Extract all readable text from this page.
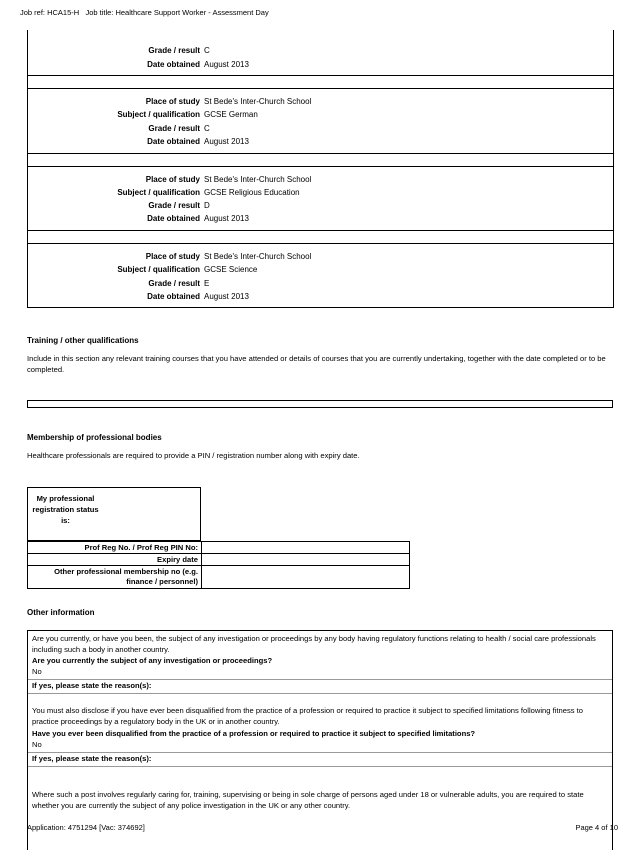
Job ref: HCA15-H Job title: Healthcare Support Worker - Assessment Day
Grade / result C
Date obtained August 2013
Place of study St Bede's Inter-Church School
Subject / qualification GCSE German
Grade / result C
Date obtained August 2013
Place of study St Bede's Inter-Church School
Subject / qualification GCSE Religious Education
Grade / result D
Date obtained August 2013
Place of study St Bede's Inter-Church School
Subject / qualification GCSE Science
Grade / result E
Date obtained August 2013
Training / other qualifications
Include in this section any relevant training courses that you have attended or details of courses that you are currently undertaking, together with the date completed or to be completed.
Membership of professional bodies
Healthcare professionals are required to provide a PIN / registration number along with expiry date.
My professional registration status is:
Prof Reg No. / Prof Reg PIN No:
Expiry date
Other professional membership no (e.g. finance / personnel)
Other information
Are you currently, or have you been, the subject of any investigation or proceedings by any body having regulatory functions relating to health / social care professionals including such a body in another country.
Are you currently the subject of any investigation or proceedings?
No
If yes, please state the reason(s):
You must also disclose if you have ever been disqualified from the practice of a profession or required to practice it subject to specified limitations following fitness to practice proceedings by a regulatory body in the UK or in another country.
Have you ever been disqualified from the practice of a profession or required to practice it subject to specified limitations?
No
If yes, please state the reason(s):
Where such a post involves regularly caring for, training, supervising or being in sole charge of persons aged under 18 or vulnerable adults, you are required to state whether you are currently the subject of any police investigation in the UK or any other country.
Application: 4751294 [Vac: 374692]	Page 4 of 10
